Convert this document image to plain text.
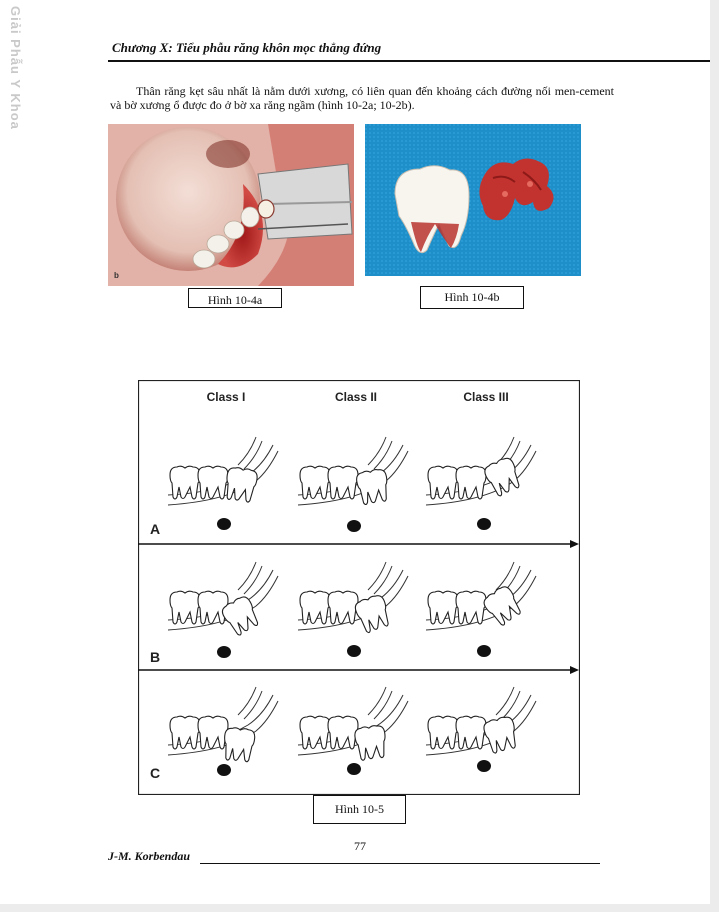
Giải Phẫu Y Khoa	Chương X: Tiểu phẫu răng khôn mọc thẳng đứng

Thân răng kẹt sâu nhất là nằm dưới xương, có liên quan đến khoảng cách đường nối men-cement và bờ xương ổ được đo ở bờ xa răng ngầm (hình 10-2a; 10-2b).

b
Hình 10-4a	Hình 10-4b
Class I	Class II	Class III
A
B
C
Hình 10-5
77
J-M. Korbendau
